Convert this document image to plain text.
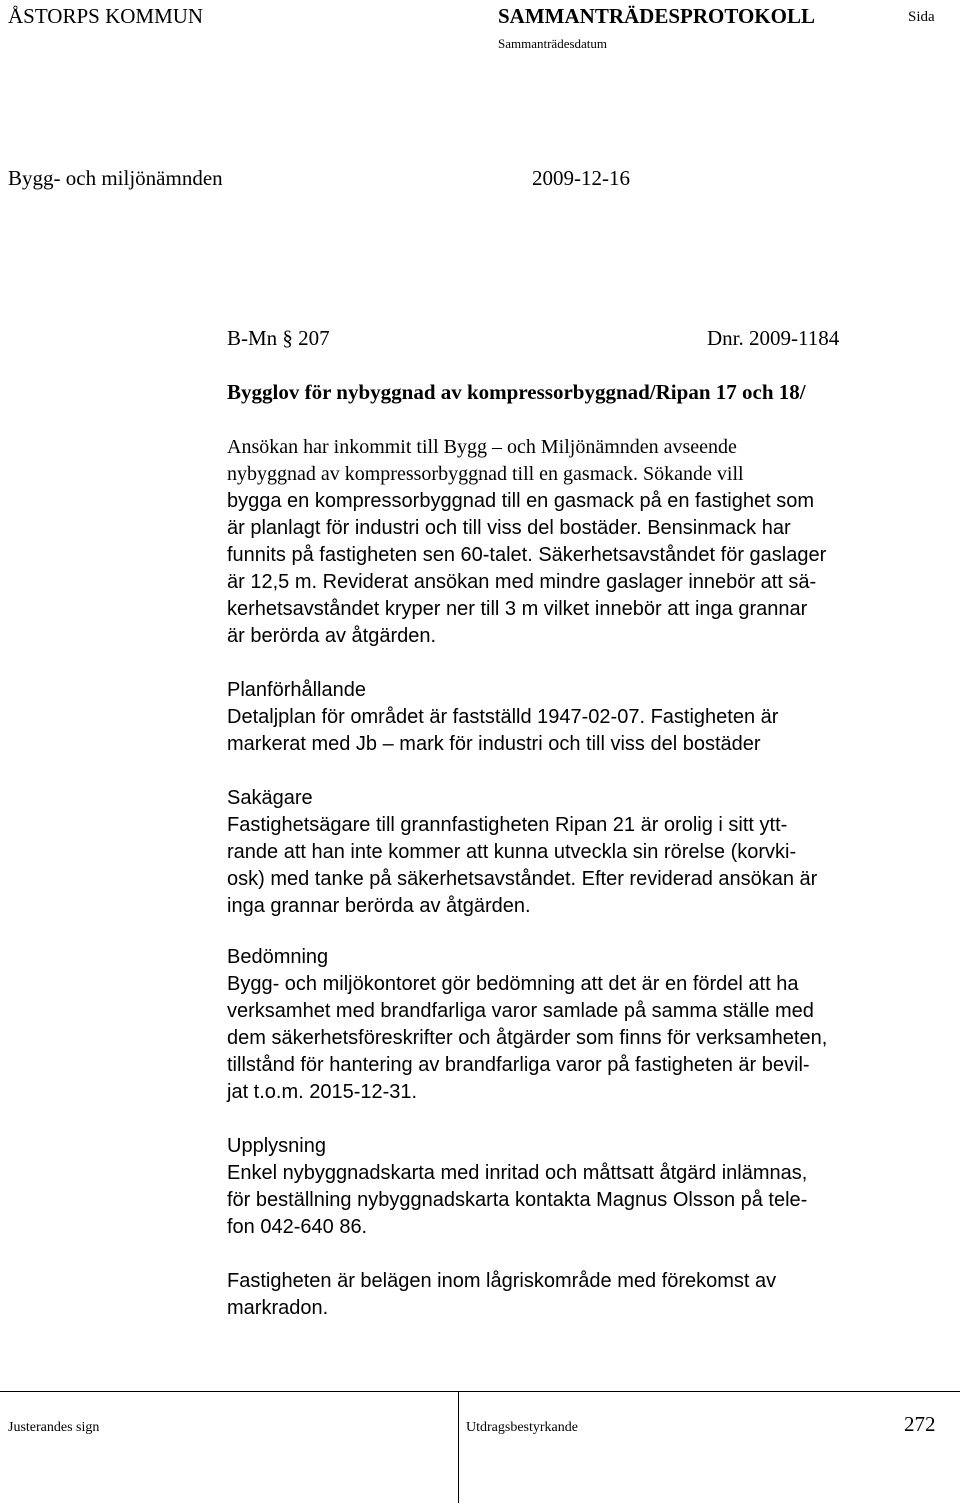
ÅSTORPS KOMMUN	SAMMANTRÄDESPROTOKOLL
Sammanträdesdatum
Sida
Bygg- och miljönämnden	2009-12-16
B-Mn § 207	Dnr. 2009-1184
Bygglov för nybyggnad av kompressorbyggnad/Ripan 17 och 18/
Ansökan har inkommit till Bygg – och Miljönämnden avseende
nybyggnad av kompressorbyggnad till en gasmack. Sökande vill
bygga en kompressorbyggnad till en gasmack på en fastighet som
är planlagt för industri och till viss del bostäder. Bensinmack har
funnits på fastigheten sen 60-talet. Säkerhetsavståndet för gaslager
är 12,5 m. Reviderat ansökan med mindre gaslager innebör att sä-
kerhetsavståndet kryper ner till 3 m vilket innebör att inga grannar
är berörda av åtgärden.
Planförhållande
Detaljplan för området är fastställd 1947-02-07. Fastigheten är
markerat med Jb – mark för industri och till viss del bostäder
Sakägare
Fastighetsägare till grannfastigheten Ripan 21 är orolig i sitt ytt-
rande att han inte kommer att kunna utveckla sin rörelse (korvki-
osk) med tanke på säkerhetsavståndet. Efter reviderad ansökan är
inga grannar berörda av åtgärden.
Bedömning
Bygg- och miljökontoret gör bedömning att det är en fördel att ha
verksamhet med brandfarliga varor samlade på samma ställe med
dem säkerhetsföreskrifter och åtgärder som finns för verksamheten,
tillstånd för hantering av brandfarliga varor på fastigheten är bevil-
jat t.o.m. 2015-12-31.
Upplysning
Enkel nybyggnadskarta med inritad och måttsatt åtgärd inlämnas,
för beställning nybyggnadskarta kontakta Magnus Olsson på tele-
fon 042-640 86.
Fastigheten är belägen inom lågriskområde med förekomst av
markradon.
Justerandes sign	Utdragsbestyrkande	272
